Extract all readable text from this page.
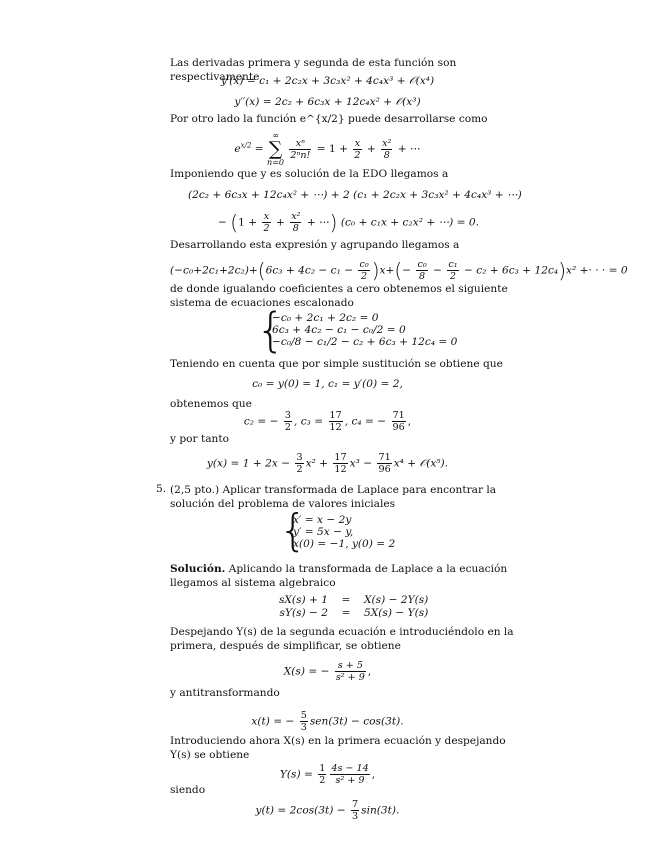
Las derivadas primera y segunda de esta función son respectivamente

y′(x) = c₁ + 2c₂x + 3c₃x² + 4c₄x³ + 𝒪(x⁴)
y′′(x) = 2c₂ + 6c₃x + 12c₄x² + 𝒪(x³)

Por otro lado la función e^{x/2} puede desarrollarse como

$e^{x/2}$ = ∞
∑
n=0
$\frac{\text{xⁿ}}{\text{2ⁿn!}} = 1 + \frac{x}{2} + \frac{\text{x²}}{8}$ + ⋯

Imponiendo que y es solución de la EDO llegamos a

(2c₂ + 6c₃x + 12c₄x² + ⋯) + 2 (c₁ + 2c₂x + 3c₃x² + 4c₄x³ + ⋯)
− ($1 + \frac{x}{2} + \frac{\text{x²}}{8}$ + ⋯) (c₀ + c₁x + c₂x² + ⋯) = 0.

Desarrollando esta expresión y agrupando llegamos a

$(-c_0+2c_1+2c_2)+(6c_3 + 4c_2 - c_1 - \frac{\text{c₀}}{2} )x+(- \frac{\text{c₀}}{8} - \frac{\text{c₁}}{2} - c_2 + 6c_3 + 12c_4)x^2$ +· · · = 0

de donde igualando coeficientes a cero obtenemos el siguiente sistema de ecuaciones escalonado

{
−c₀ + 2c₁ + 2c₂ = 0
6c₃ + 4c₂ − c₁ − c₀/2 = 0
−c₀/8 − c₁/2 − c₂ + 6c₃ + 12c₄ = 0

Teniendo en cuenta que por simple sustitución se obtiene que

c₀ = y(0) = 1, c₁ = y′(0) = 2,

obtenemos que

c₂ = − $\frac{3}{2}$ , $c_3 = \frac{17}{12}$ , c₄ = − $\frac{71}{96}$ ,

y por tanto

$y(x) = 1 + 2x - \frac{3}{2} x^2 + \frac{17}{12} x^3 - \frac{71}{96} x^4$ + 𝒪(x⁵).
5. (2,5 pto.) Aplicar transformada de Laplace para encontrar la solución del problema de valores iniciales

{
x′ = x − 2y
y′ = 5x − y,
x(0) = −1, y(0) = 2

Solución. Aplicando la transformada de Laplace a la ecuación llegamos al sistema algebraico

sX(s) + 1 = X(s) − 2Y(s)
sY(s) − 2 = 5X(s) − Y(s)

Despejando Y(s) de la segunda ecuación e introduciéndolo en la primera, después de simplificar, se obtiene

X(s) = − $\frac{s + 5}{\text{s² + 9}}$ ,

y antitransformando

x(t) = − $\frac{5}{3} sen(3t) - \cos(3t)$.

Introduciendo ahora X(s) en la primera ecuación y despejando Y(s) se obtiene

$Y(s) = \frac{1}{2} \frac{4s - 14}{\text{s² + 9}}$ ,

siendo

$y(t) = 2\cos(3t) - \frac{7}{3} \sin(3t)$.
